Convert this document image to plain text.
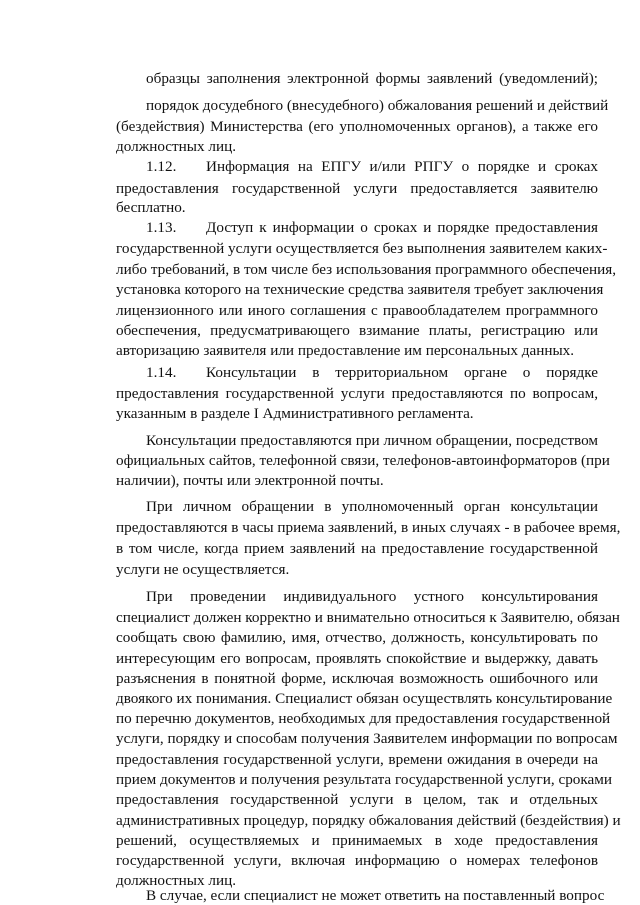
образцы заполнения электронной формы заявлений (уведомлений);
порядок досудебного (внесудебного) обжалования решений и действий
(бездействия) Министерства (его уполномоченных органов), а также его
должностных лиц.
1.12. Информация на ЕПГУ и/или РПГУ о порядке и сроках
предоставления государственной услуги предоставляется заявителю
бесплатно.
1.13. Доступ к информации о сроках и порядке предоставления
государственной услуги осуществляется без выполнения заявителем каких-
либо требований, в том числе без использования программного обеспечения,
установка которого на технические средства заявителя требует заключения
лицензионного или иного соглашения с правообладателем программного
обеспечения, предусматривающего взимание платы, регистрацию или
авторизацию заявителя или предоставление им персональных данных.
1.14. Консультации в территориальном органе о порядке
предоставления государственной услуги предоставляются по вопросам,
указанным в разделе I Административного регламента.
Консультации предоставляются при личном обращении, посредством
официальных сайтов, телефонной связи, телефонов-автоинформаторов (при
наличии), почты или электронной почты.
При личном обращении в уполномоченный орган консультации
предоставляются в часы приема заявлений, в иных случаях - в рабочее время,
в том числе, когда прием заявлений на предоставление государственной
услуги не осуществляется.
При проведении индивидуального устного консультирования
специалист должен корректно и внимательно относиться к Заявителю, обязан
сообщать свою фамилию, имя, отчество, должность, консультировать по
интересующим его вопросам, проявлять спокойствие и выдержку, давать
разъяснения в понятной форме, исключая возможность ошибочного или
двоякого их понимания. Специалист обязан осуществлять консультирование
по перечню документов, необходимых для предоставления государственной
услуги, порядку и способам получения Заявителем информации по вопросам
предоставления государственной услуги, времени ожидания в очереди на
прием документов и получения результата государственной услуги, сроками
предоставления государственной услуги в целом, так и отдельных
административных процедур, порядку обжалования действий (бездействия) и
решений, осуществляемых и принимаемых в ходе предоставления
государственной услуги, включая информацию о номерах телефонов
должностных лиц.
В случае, если специалист не может ответить на поставленный вопрос
